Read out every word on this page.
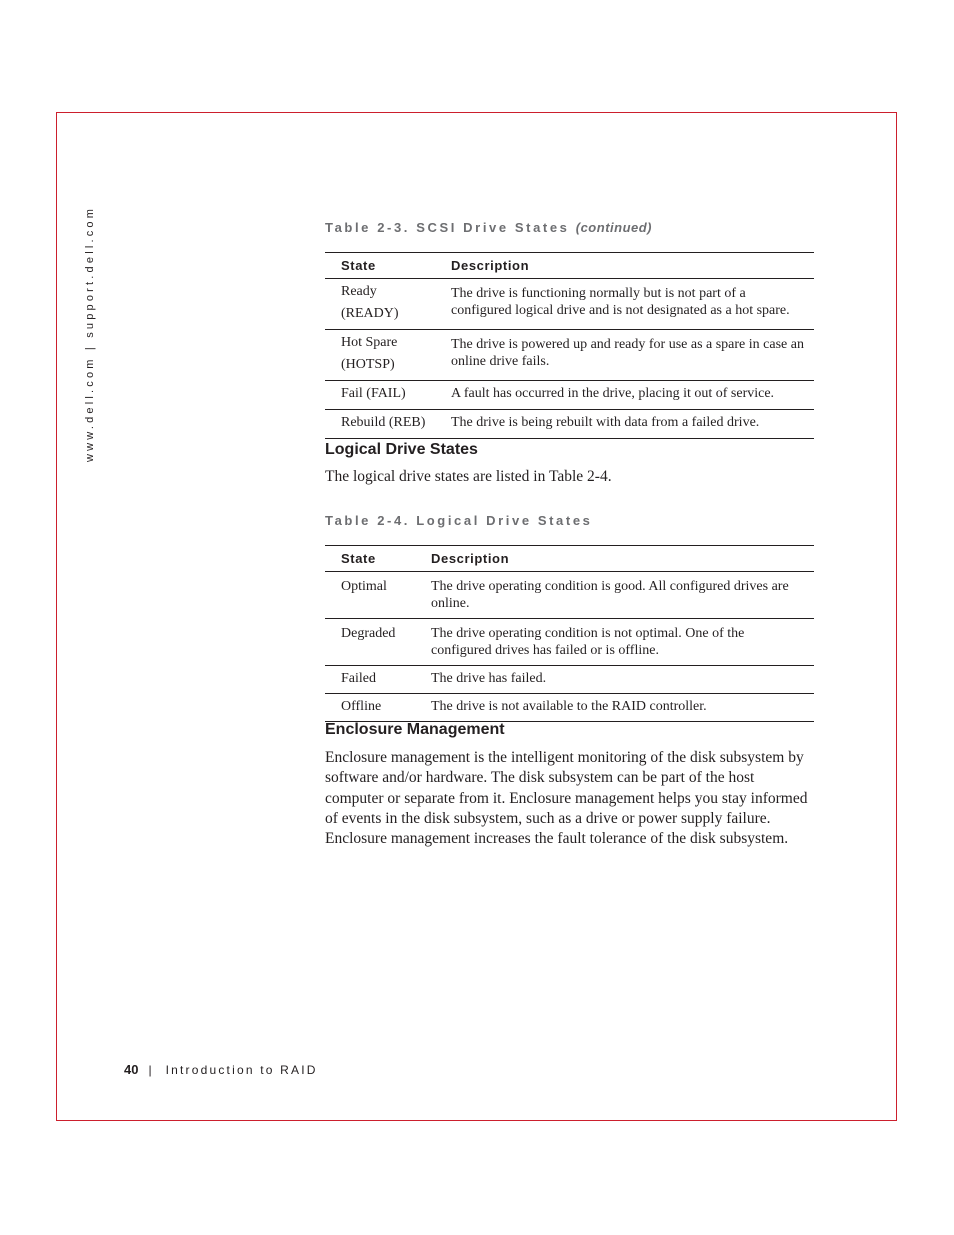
www.dell.com | support.dell.com	Table 2-3. SCSI Drive States (continued)
State	Description

Ready
(READY)	The drive is functioning normally but is not part of a configured logical drive and is not designated as a hot spare.

Hot Spare
(HOTSP)	The drive is powered up and ready for use as a spare in case an online drive fails.

Fail (FAIL)	A fault has occurred in the drive, placing it out of service.

Rebuild (REB)	The drive is being rebuilt with data from a failed drive.
Logical Drive States
The logical drive states are listed in Table 2-4.
Table 2-4. Logical Drive States
State	Description
Optimal	The drive operating condition is good. All configured drives are online.
Degraded	The drive operating condition is not optimal. One of the configured drives has failed or is offline.
Failed	The drive has failed.
Offline	The drive is not available to the RAID controller.
Enclosure Management
Enclosure management is the intelligent monitoring of the disk subsystem by software and/or hardware. The disk subsystem can be part of the host computer or separate from it. Enclosure management helps you stay informed of events in the disk subsystem, such as a drive or power supply failure. Enclosure management increases the fault tolerance of the disk subsystem.
40 | Introduction to RAID
